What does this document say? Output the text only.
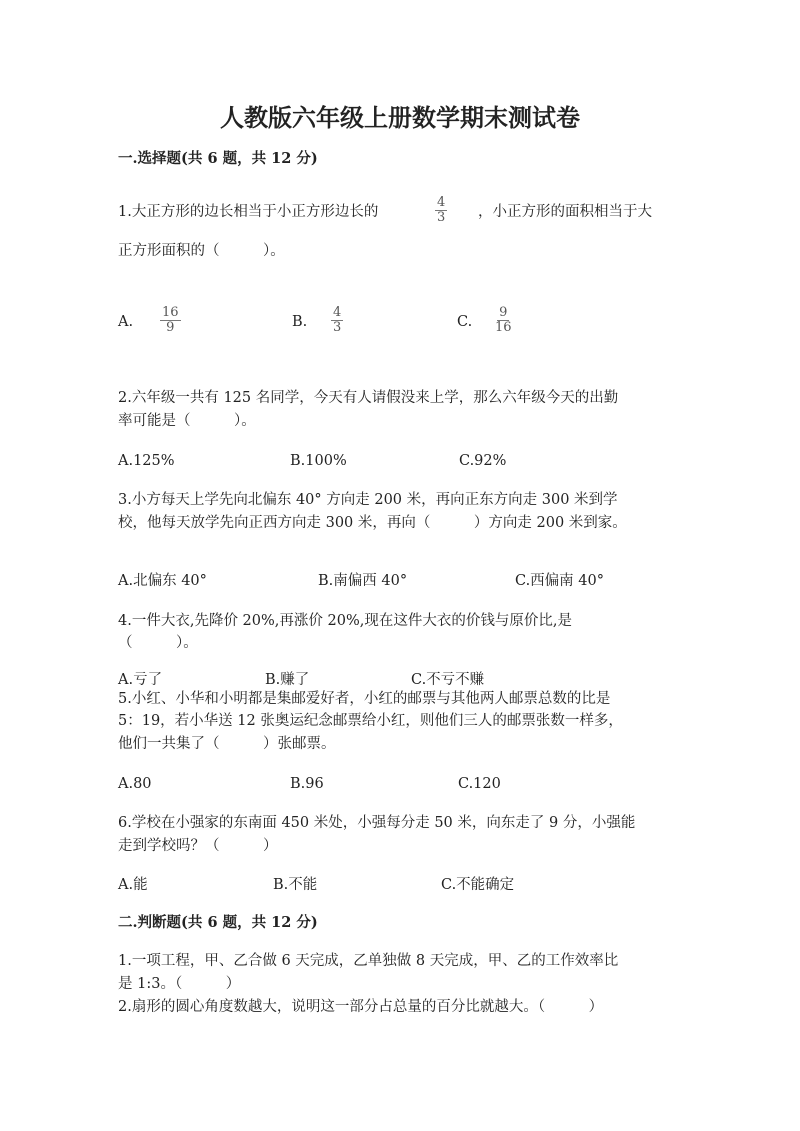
人教版六年级上册数学期末测试卷
一.选择题(共 6 题，共 12 分)
1.大正方形的边长相当于小正方形边长的	$\frac{4}{3}$ ，小正方形的面积相当于大
正方形面积的（　　　）。
A. $\frac{16}{9}$	B. $\frac{4}{3}$	C. $\frac{9}{16}$
2.六年级一共有 125 名同学，今天有人请假没来上学，那么六年级今天的出勤
率可能是（　　　）。
A.125%	B.100%	C.92%
3.小方每天上学先向北偏东 40° 方向走 200 米，再向正东方向走 300 米到学
校，他每天放学先向正西方向走 300 米，再向（　　　）方向走 200 米到家。
A.北偏东 40°	B.南偏西 40°	C.西偏南 40°
4.一件大衣,先降价 20%,再涨价 20%,现在这件大衣的价钱与原价比,是
（　　　）。
A.亏了	B.赚了	C.不亏不赚
5.小红、小华和小明都是集邮爱好者，小红的邮票与其他两人邮票总数的比是
5：19，若小华送 12 张奥运纪念邮票给小红，则他们三人的邮票张数一样多，
他们一共集了（　　　）张邮票。
A.80	B.96	C.120
6.学校在小强家的东南面 450 米处，小强每分走 50 米，向东走了 9 分，小强能
走到学校吗？（　　　）
A.能	B.不能	C.不能确定
二.判断题(共 6 题，共 12 分)
1.一项工程，甲、乙合做 6 天完成，乙单独做 8 天完成，甲、乙的工作效率比
是 1:3。（　　　）
2.扇形的圆心角度数越大，说明这一部分占总量的百分比就越大。（　　　）
